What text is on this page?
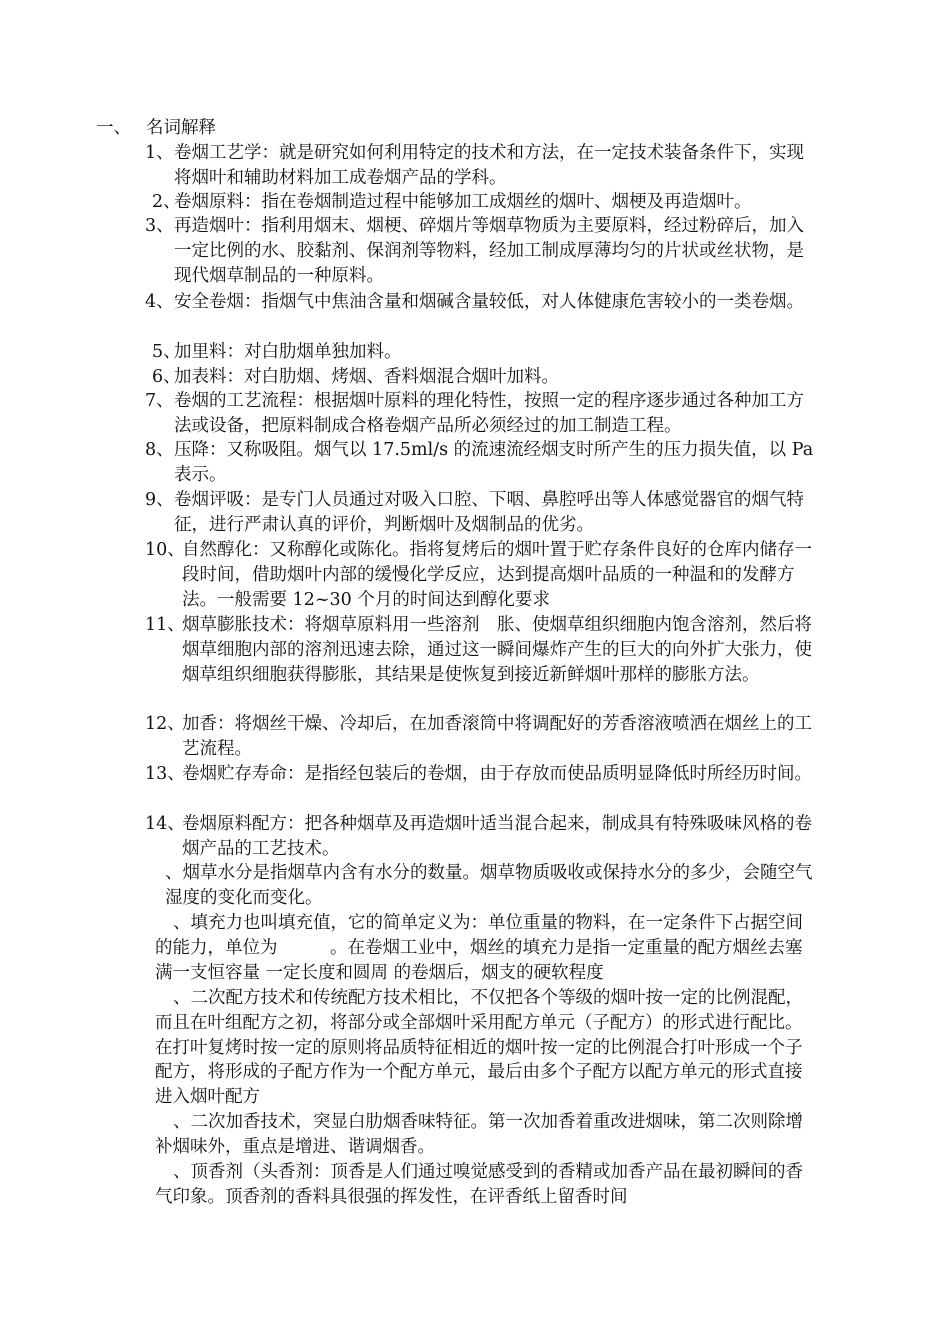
一、 名词解释
1、 卷烟工艺学：就是研究如何利用特定的技术和方法，在一定技术装备条件下，实现将烟叶和辅助材料加工成卷烟产品的学科。
2、
卷烟原料：指在卷烟制造过程中能够加工成烟丝的烟叶、烟梗及再造烟叶。
3、 再造烟叶：指利用烟末、烟梗、碎烟片等烟草物质为主要原料，经过粉碎后，加入一定比例的水、胶黏剂、保润剂等物料，经加工制成厚薄均匀的片状或丝状物，是现代烟草制品的一种原料。
4、 安全卷烟：指烟气中焦油含量和烟碱含量较低，对人体健康危害较小的一类卷烟。
5、
加里料：对白肋烟单独加料。
6、
加表料：对白肋烟、烤烟、香料烟混合烟叶加料。
7、 卷烟的工艺流程：根据烟叶原料的理化特性，按照一定的程序逐步通过各种加工方法或设备，把原料制成合格卷烟产品所必须经过的加工制造工程。
8、 压降：又称吸阻。烟气以 17.5ml/s 的流速流经烟支时所产生的压力损失值，以 Pa 表示。
9、 卷烟评吸：是专门人员通过对吸入口腔、下咽、鼻腔呼出等人体感觉器官的烟气特征，进行严肃认真的评价，判断烟叶及烟制品的优劣。
10、
自然醇化：又称醇化或陈化。指将复烤后的烟叶置于贮存条件良好的仓库内储存一段时间，借助烟叶内部的缓慢化学反应，达到提高烟叶品质的一种温和的发酵方法。一般需要 12~30 个月的时间达到醇化要求
11、
烟草膨胀技术：将烟草原料用一些溶剂　胀、使烟草组织细胞内饱含溶剂，然后将烟草细胞内部的溶剂迅速去除，通过这一瞬间爆炸产生的巨大的向外扩大张力，使烟草组织细胞获得膨胀，其结果是使恢复到接近新鲜烟叶那样的膨胀方法。
12、
加香：将烟丝干燥、冷却后，在加香滚筒中将调配好的芳香溶液喷洒在烟丝上的工艺流程。
13、
卷烟贮存寿命：是指经包装后的卷烟，由于存放而使品质明显降低时所经历时间。
14、
卷烟原料配方：把各种烟草及再造烟叶适当混合起来，制成具有特殊吸味风格的卷烟产品的工艺技术。
、烟草水分是指烟草内含有水分的数量。烟草物质吸收或保持水分的多少，会随空气湿度的变化而变化。
、填充力也叫填充值，它的简单定义为：单位重量的物料，在一定条件下占据空间的能力，单位为　　　。在卷烟工业中，烟丝的填充力是指一定重量的配方烟丝去塞满一支恒容量 一定长度和圆周 的卷烟后，烟支的硬软程度
、二次配方技术和传统配方技术相比，不仅把各个等级的烟叶按一定的比例混配，而且在叶组配方之初，将部分或全部烟叶采用配方单元（子配方）的形式进行配比。在打叶复烤时按一定的原则将品质特征相近的烟叶按一定的比例混合打叶形成一个子配方，将形成的子配方作为一个配方单元，最后由多个子配方以配方单元的形式直接进入烟叶配方
、二次加香技术，突显白肋烟香味特征。第一次加香着重改进烟味，第二次则除增补烟味外，重点是增进、谐调烟香。
、顶香剂（头香剂：顶香是人们通过嗅觉感受到的香精或加香产品在最初瞬间的香气印象。顶香剂的香料具很强的挥发性，在评香纸上留香时间
